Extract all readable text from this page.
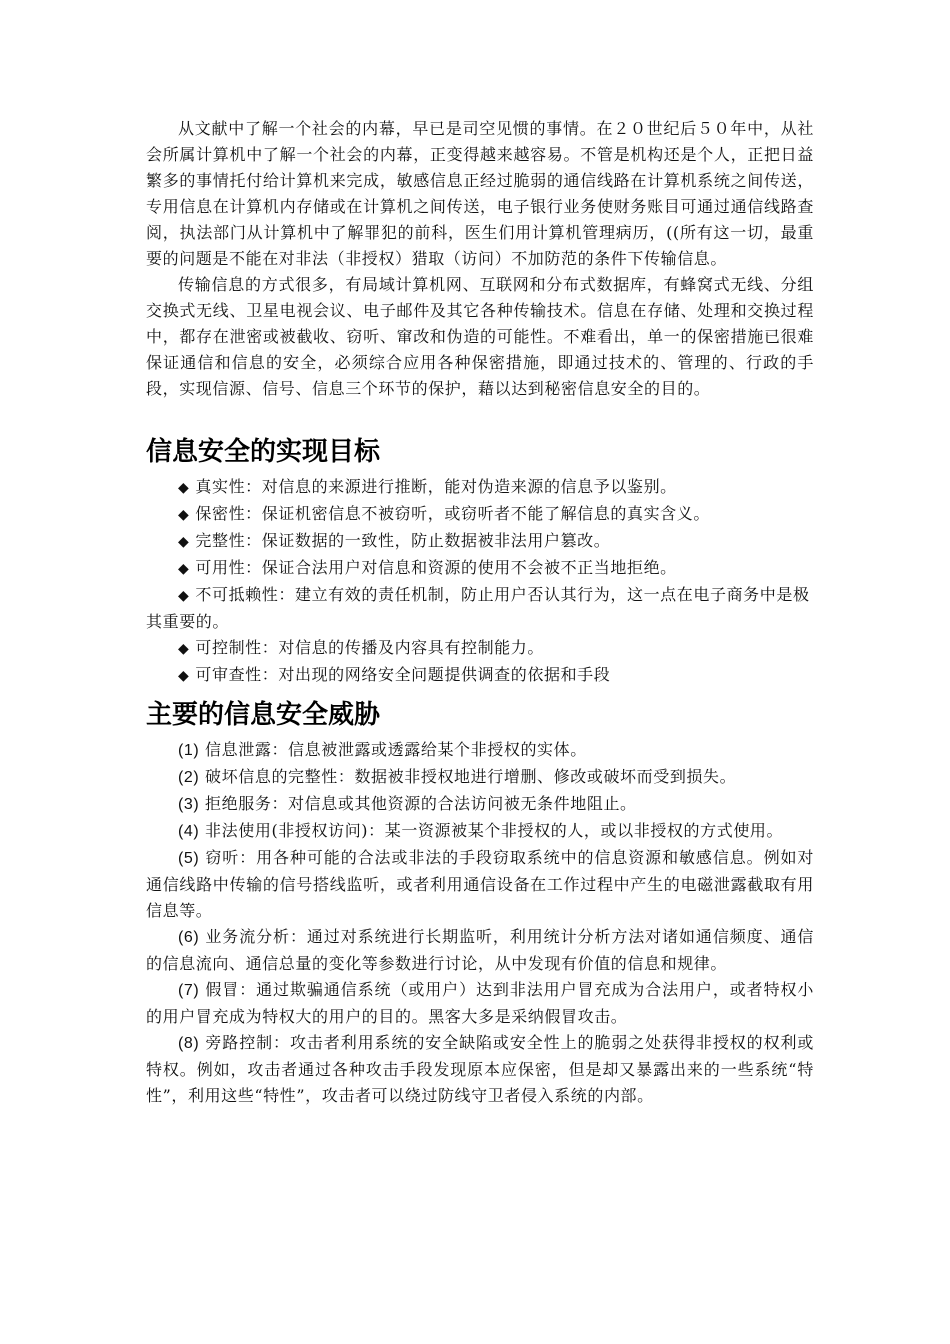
从文献中了解一个社会的内幕，早已是司空见惯的事情。在２０世纪后５０年中，从社会所属计算机中了解一个社会的内幕，正变得越来越容易。不管是机构还是个人，正把日益繁多的事情托付给计算机来完成，敏感信息正经过脆弱的通信线路在计算机系统之间传送，专用信息在计算机内存储或在计算机之间传送，电子银行业务使财务账目可通过通信线路查阅，执法部门从计算机中了解罪犯的前科，医生们用计算机管理病历，((所有这一切，最重要的问题是不能在对非法（非授权）猎取（访问）不加防范的条件下传输信息。

传输信息的方式很多，有局域计算机网、互联网和分布式数据库，有蜂窝式无线、分组交换式无线、卫星电视会议、电子邮件及其它各种传输技术。信息在存储、处理和交换过程中，都存在泄密或被截收、窃听、窜改和伪造的可能性。不难看出，单一的保密措施已很难保证通信和信息的安全，必须综合应用各种保密措施，即通过技术的、管理的、行政的手段，实现信源、信号、信息三个环节的保护，藉以达到秘密信息安全的目的。

信息安全的实现目标

◆ 真实性：对信息的来源进行推断，能对伪造来源的信息予以鉴别。

◆ 保密性：保证机密信息不被窃听，或窃听者不能了解信息的真实含义。

◆ 完整性：保证数据的一致性，防止数据被非法用户篡改。

◆ 可用性：保证合法用户对信息和资源的使用不会被不正当地拒绝。

◆ 不可抵赖性：建立有效的责任机制，防止用户否认其行为，这一点在电子商务中是极其重要的。

◆ 可控制性：对信息的传播及内容具有控制能力。

◆ 可审查性：对出现的网络安全问题提供调查的依据和手段

主要的信息安全威胁

(1) 信息泄露：信息被泄露或透露给某个非授权的实体。

(2) 破坏信息的完整性：数据被非授权地进行增删、修改或破坏而受到损失。

(3) 拒绝服务：对信息或其他资源的合法访问被无条件地阻止。

(4) 非法使用(非授权访问)：某一资源被某个非授权的人，或以非授权的方式使用。

(5) 窃听：用各种可能的合法或非法的手段窃取系统中的信息资源和敏感信息。例如对通信线路中传输的信号搭线监听，或者利用通信设备在工作过程中产生的电磁泄露截取有用信息等。

(6) 业务流分析：通过对系统进行长期监听，利用统计分析方法对诸如通信频度、通信的信息流向、通信总量的变化等参数进行讨论，从中发现有价值的信息和规律。

(7) 假冒：通过欺骗通信系统（或用户）达到非法用户冒充成为合法用户，或者特权小的用户冒充成为特权大的用户的目的。黑客大多是采纳假冒攻击。

(8) 旁路控制：攻击者利用系统的安全缺陷或安全性上的脆弱之处获得非授权的权利或特权。例如，攻击者通过各种攻击手段发现原本应保密，但是却又暴露出来的一些系统“特性”，利用这些“特性”，攻击者可以绕过防线守卫者侵入系统的内部。
